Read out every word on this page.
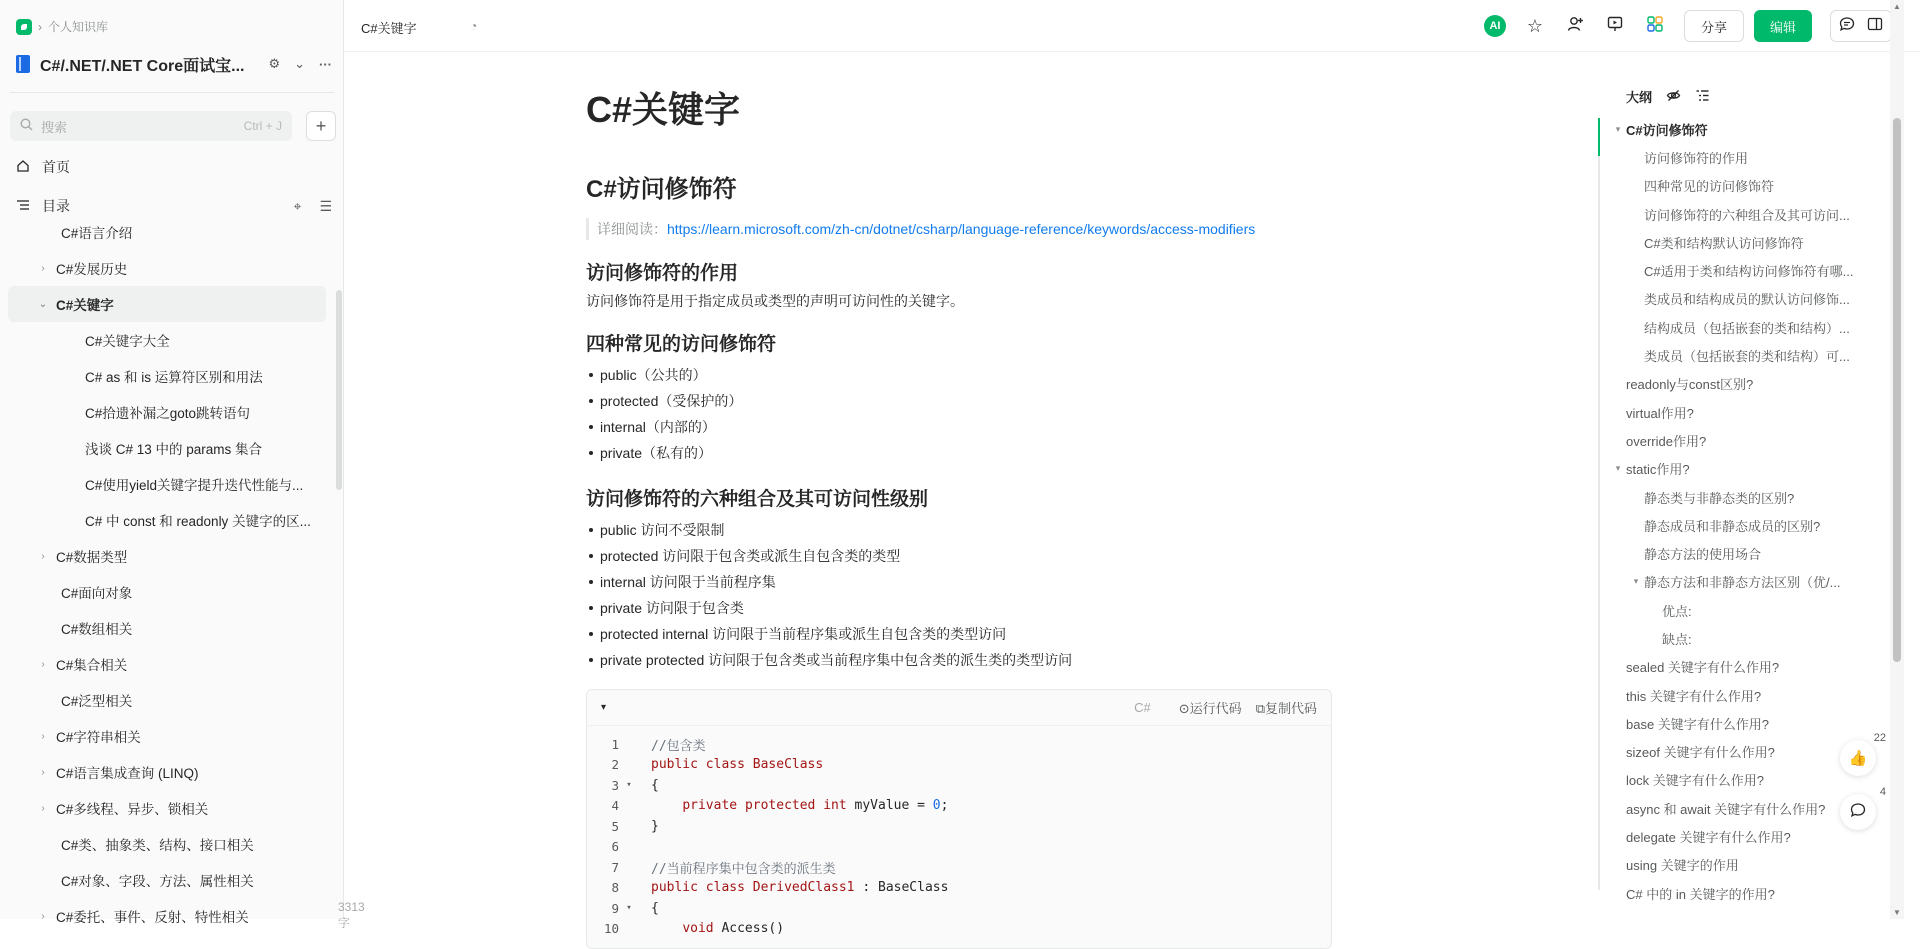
› 个人知识库
C#/.NET/.NET Core面试宝...	⚙ ⌄ ···
搜索	Ctrl + J	+
首页
目录	⌖ ☰
C#语言介绍
› C#发展历史
⌄ C#关键字
C#关键字大全
C# as 和 is 运算符区别和用法
C#拾遗补漏之goto跳转语句
浅谈 C# 13 中的 params 集合
C#使用yield关键字提升迭代性能与...
C# 中 const 和 readonly 关键字的区...
› C#数据类型
C#面向对象
C#数组相关
› C#集合相关
C#泛型相关
› C#字符串相关
› C#语言集成查询 (LINQ)
› C#多线程、异步、锁相关
C#类、抽象类、结构、接口相关
C#对象、字段、方法、属性相关
› C#委托、事件、反射、特性相关
3313字
C#关键字	◔	AI	☆	分享	编辑
C#关键字
C#访问修饰符
详细阅读：https://learn.microsoft.com/zh-cn/dotnet/csharp/language-reference/keywords/access-modifiers
访问修饰符的作用

访问修饰符是用于指定成员或类型的声明可访问性的关键字。

四种常见的访问修饰符
public（公共的）
protected（受保护的）
internal（内部的）
private（私有的）
访问修饰符的六种组合及其可访问性级别
public 访问不受限制
protected 访问限于包含类或派生自包含类的类型
internal 访问限于当前程序集
private 访问限于包含类
protected internal 访问限于当前程序集或派生自包含类的类型访问
private protected 访问限于包含类或当前程序集中包含类的派生类的类型访问
▾	C# ⊙运行代码 ⧉复制代码
1 //包含类
2 public class BaseClass
3 ▾ {
4	private protected int myValue = 0;
5 }
6
7 //当前程序集中包含类的派生类
8 public class DerivedClass1 : BaseClass
9 ▾ {
10	void Access()
大纲
▾ C#访问修饰符
访问修饰符的作用
四种常见的访问修饰符
访问修饰符的六种组合及其可访问...
C#类和结构默认访问修饰符
C#适用于类和结构访问修饰符有哪...
类成员和结构成员的默认访问修饰...
结构成员（包括嵌套的类和结构）...
类成员（包括嵌套的类和结构）可...
readonly与const区别?
virtual作用?
override作用?
▾ static作用?
静态类与非静态类的区别?
静态成员和非静态成员的区别?
静态方法的使用场合
▾ 静态方法和非静态方法区别（优/...
优点:
缺点:
sealed 关键字有什么作用?
this 关键字有什么作用?
base 关键字有什么作用?
sizeof 关键字有什么作用?
lock 关键字有什么作用?
async 和 await 关键字有什么作用?
delegate 关键字有什么作用?
using 关键字的作用
C# 中的 in 关键字的作用?
👍
22
4
▲
▼
